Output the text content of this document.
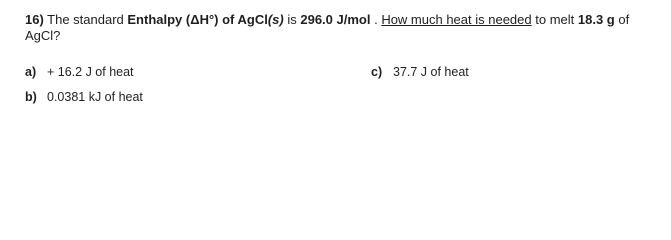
16) The standard Enthalpy (ΔH°) of AgCl(s) is 296.0 J/mol . How much heat is needed to melt 18.3 g of AgCl?
a) + 16.2 J of heat
b) 0.0381 kJ of heat
c) 37.7 J of heat
